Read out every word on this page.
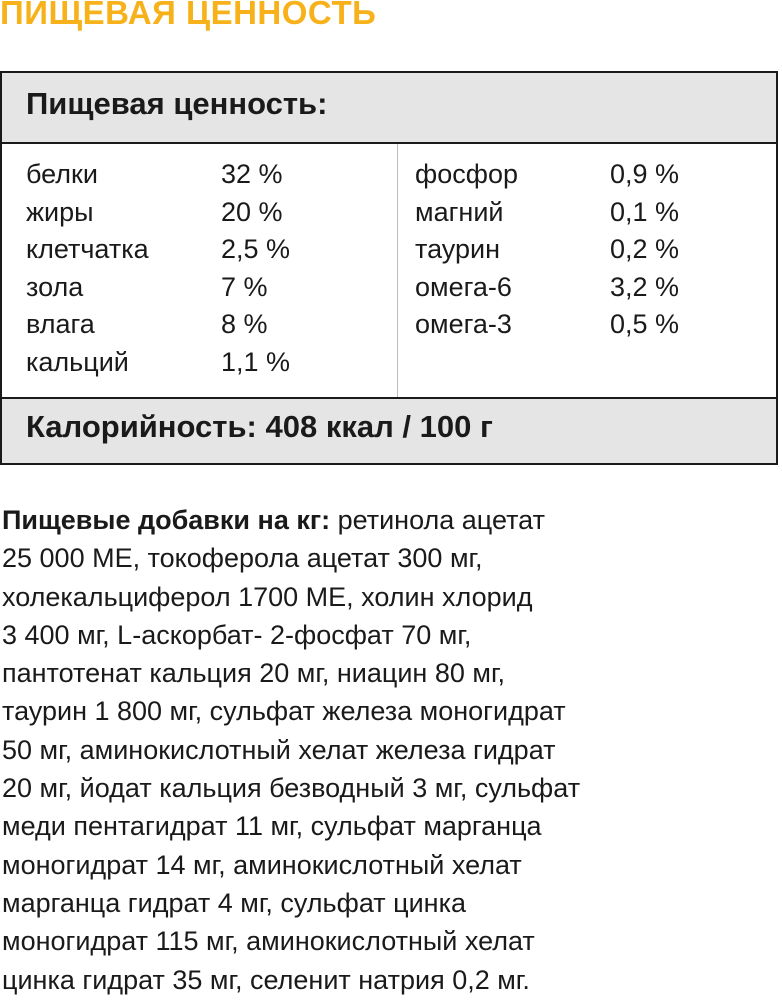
ПИЩЕВАЯ ЦЕННОСТЬ
Пищевая ценность:
белки	32 %
жиры	20 %
клетчатка	2,5 %
зола	7 %
влага	8 %
кальций	1,1 %
фосфор	0,9 %
магний	0,1 %
таурин	0,2 %
омега-6	3,2 %
омега-3	0,5 %
Калорийность: 408 ккал / 100 г
Пищевые добавки на кг: ретинола ацетат
25 000 МЕ, токоферола ацетат 300 мг,
холекальциферол 1700 МЕ, холин хлорид
3 400 мг, L-аскорбат- 2-фосфат 70 мг,
пантотенат кальция 20 мг, ниацин 80 мг,
таурин 1 800 мг, сульфат железа моногидрат
50 мг, аминокислотный хелат железа гидрат
20 мг, йодат кальция безводный 3 мг, сульфат
меди пентагидрат 11 мг, сульфат марганца
моногидрат 14 мг, аминокислотный хелат
марганца гидрат 4 мг, сульфат цинка
моногидрат 115 мг, аминокислотный хелат
цинка гидрат 35 мг, селенит натрия 0,2 мг.
